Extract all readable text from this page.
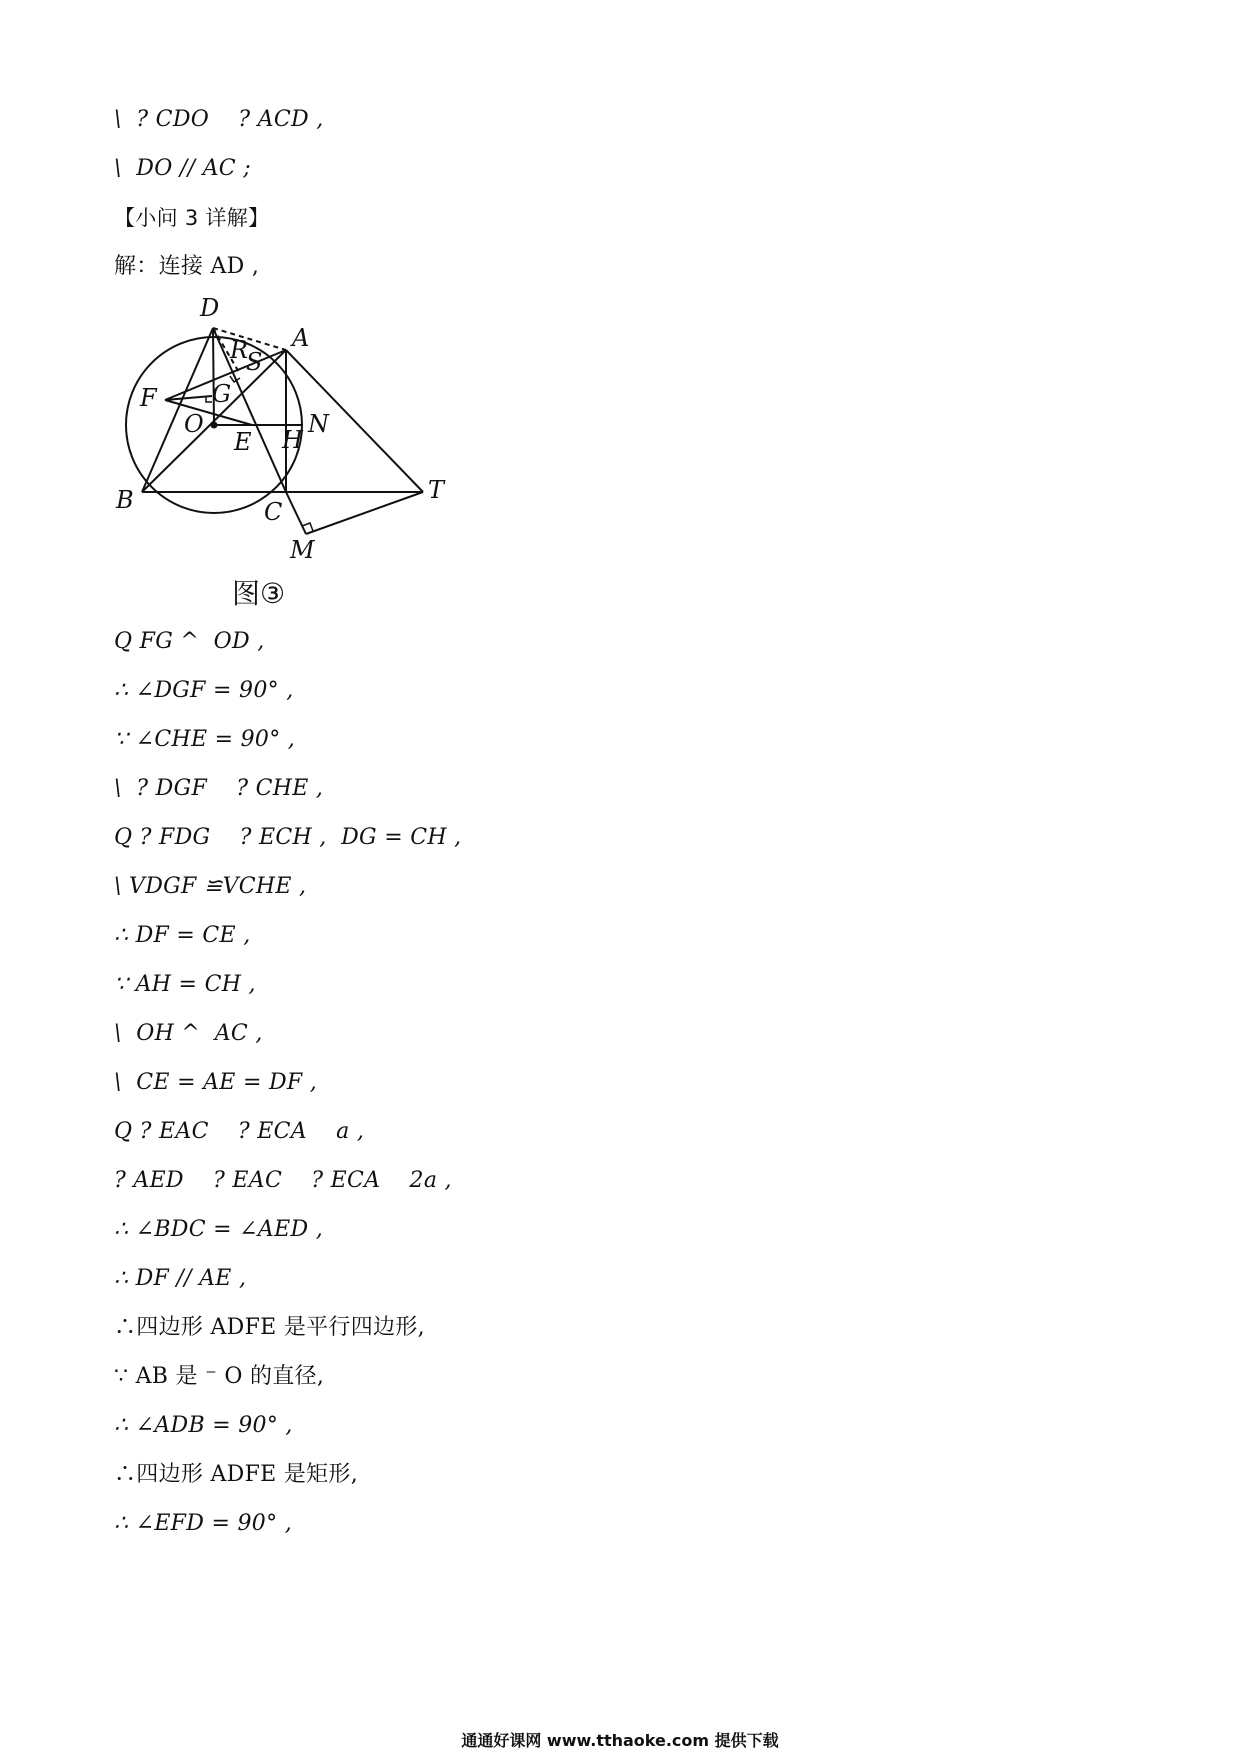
\  ? CDO    ? ACD ,
\  DO // AC ;
【小问 3 详解】
解：连接 AD ,
D
A
R
S
F G
O
E H
N
B	C
T
M
图③
Q FG ^  OD ,
∴ ∠DGF = 90° ,
∵ ∠CHE = 90° ,
\  ? DGF    ? CHE ,
Q ? FDG    ? ECH ,  DG = CH ,
\ VDGF ≌VCHE ,
∴ DF = CE ,
∵ AH = CH ,
\  OH ^  AC ,
\  CE = AE = DF ,
Q ? EAC    ? ECA    a ,
? AED    ? EAC    ? ECA    2a ,
∴ ∠BDC = ∠AED ,
∴ DF // AE ,
∴四边形 ADFE 是平行四边形,
∵ AB 是 ⁻ O 的直径,
∴ ∠ADB = 90° ,
∴四边形 ADFE 是矩形,
∴ ∠EFD = 90° ,
通通好课网 www.tthaoke.com 提供下载
